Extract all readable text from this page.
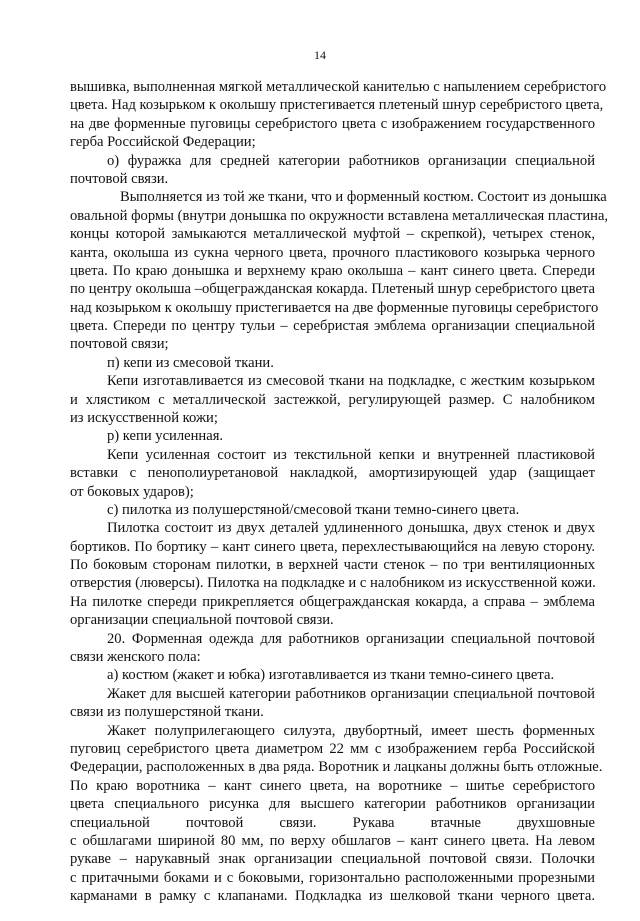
14
вышивка, выполненная мягкой металлической канителью с напылением серебристого
цвета. Над козырьком к околышу пристегивается плетеный шнур серебристого цвета,
на две форменные пуговицы серебристого цвета с изображением государственного
герба Российской Федерации;
о) фуражка для средней категории работников организации специальной
почтовой связи.
Выполняется из той же ткани, что и форменный костюм. Состоит из донышка
овальной формы (внутри донышка по окружности вставлена металлическая пластина,
концы которой замыкаются металлической муфтой – скрепкой), четырех стенок,
канта, околыша из сукна черного цвета, прочного пластикового козырька черного
цвета. По краю донышка и верхнему краю околыша – кант синего цвета. Спереди
по центру околыша –общегражданская кокарда. Плетеный шнур серебристого цвета
над козырьком к околышу пристегивается на две форменные пуговицы серебристого
цвета. Спереди по центру тульи – серебристая эмблема организации специальной
почтовой связи;
п) кепи из смесовой ткани.
Кепи изготавливается из смесовой ткани на подкладке, с жестким козырьком
и хлястиком с металлической застежкой, регулирующей размер. С налобником
из искусственной кожи;
р) кепи усиленная.
Кепи усиленная состоит из текстильной кепки и внутренней пластиковой
вставки с пенополиуретановой накладкой, амортизирующей удар (защищает
от боковых ударов);
с) пилотка из полушерстяной/смесовой ткани темно-синего цвета.
Пилотка состоит из двух деталей удлиненного донышка, двух стенок и двух
бортиков. По бортику – кант синего цвета, перехлестывающийся на левую сторону.
По боковым сторонам пилотки, в верхней части стенок – по три вентиляционных
отверстия (люверсы). Пилотка на подкладке и с налобником из искусственной кожи.
На пилотке спереди прикрепляется общегражданская кокарда, а справа – эмблема
организации специальной почтовой связи.
20. Форменная одежда для работников организации специальной почтовой
связи женского пола:
а) костюм (жакет и юбка) изготавливается из ткани темно-синего цвета.
Жакет для высшей категории работников организации специальной почтовой
связи из полушерстяной ткани.
Жакет полуприлегающего силуэта, двубортный, имеет шесть форменных
пуговиц серебристого цвета диаметром 22 мм с изображением герба Российской
Федерации, расположенных в два ряда. Воротник и лацканы должны быть отложные.
По краю воротника – кант синего цвета, на воротнике – шитье серебристого
цвета специального рисунка для высшего категории работников организации
специальной почтовой связи. Рукава втачные двухшовные
с обшлагами шириной 80 мм, по верху обшлагов – кант синего цвета. На левом
рукаве – нарукавный знак организации специальной почтовой связи. Полочки
с притачными боками и с боковыми, горизонтально расположенными прорезными
карманами в рамку с клапанами. Подкладка из шелковой ткани черного цвета.
